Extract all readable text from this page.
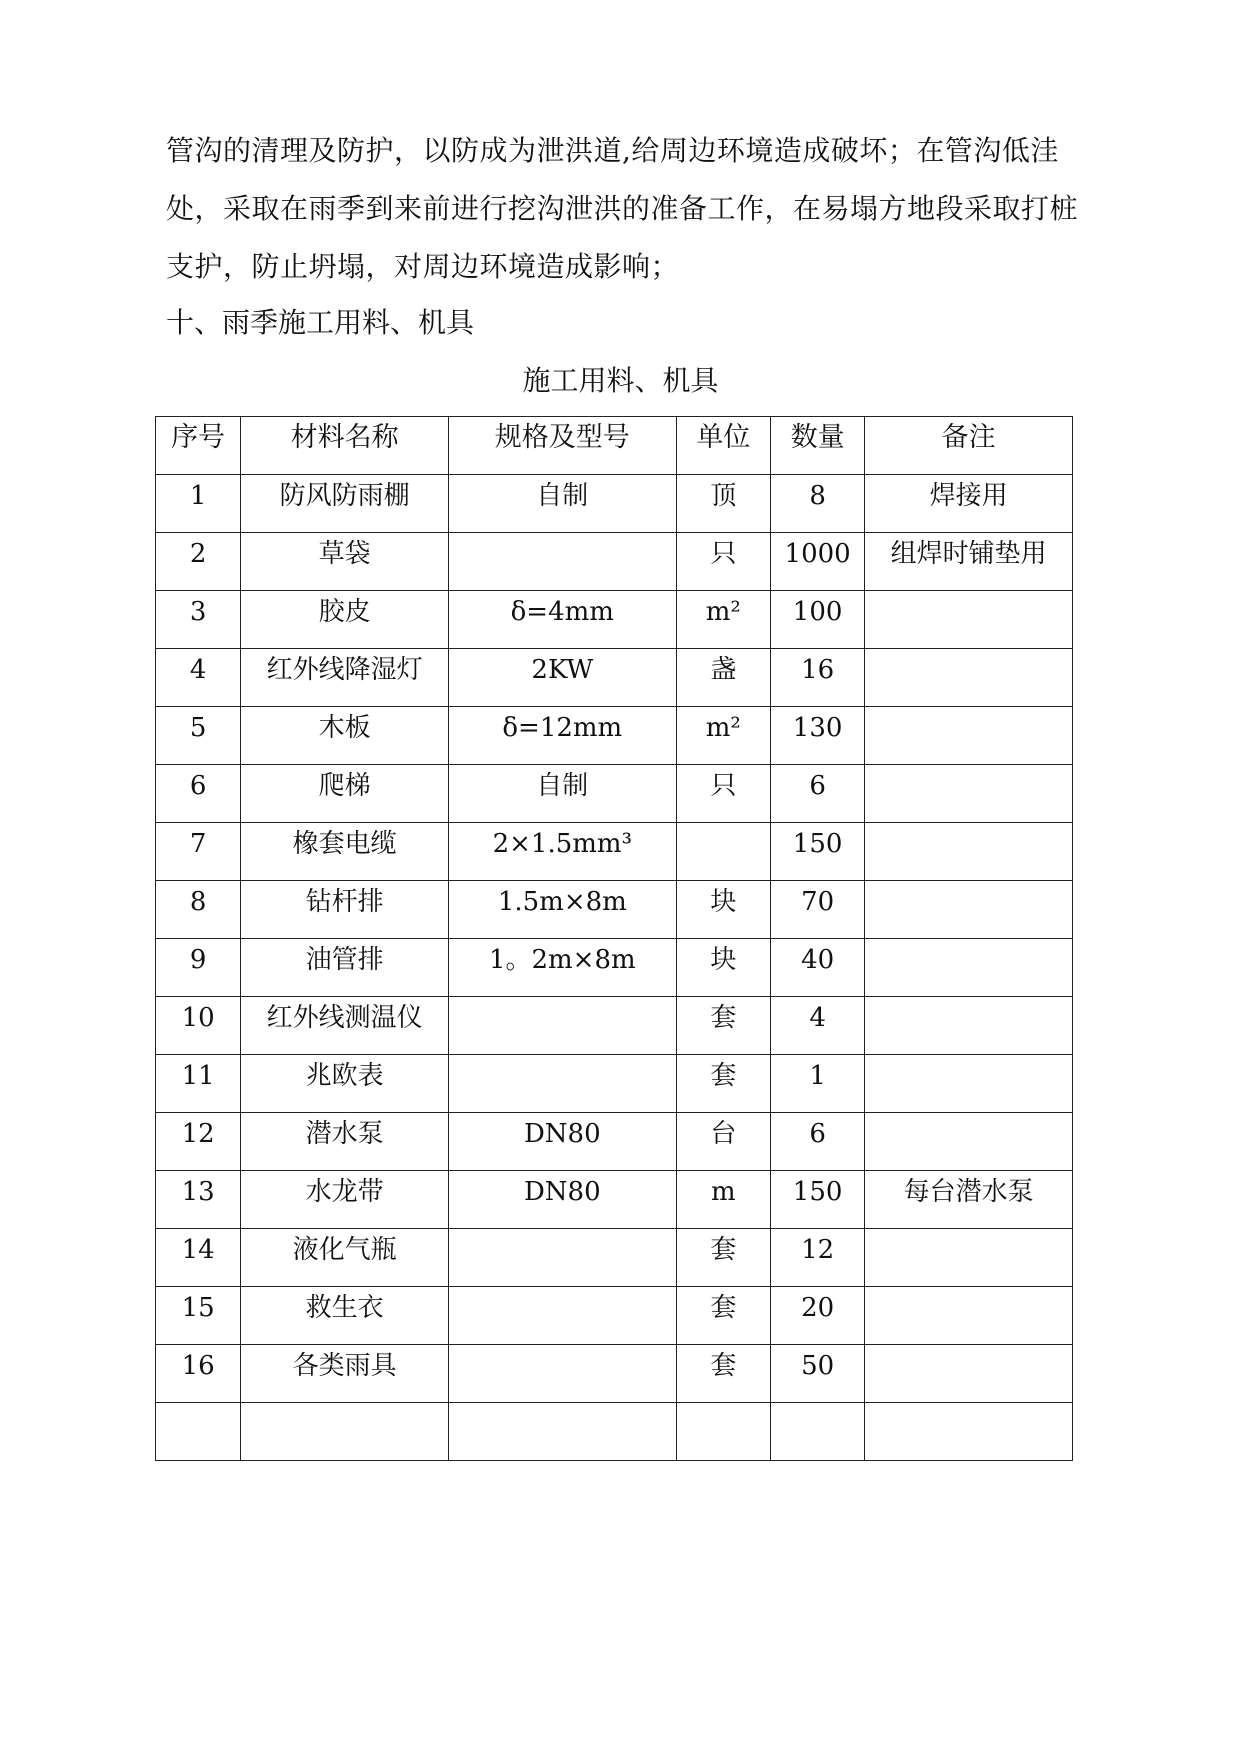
管沟的清理及防护，以防成为泄洪道,给周边环境造成破坏；在管沟低洼
处，采取在雨季到来前进行挖沟泄洪的准备工作，在易塌方地段采取打桩
支护，防止坍塌，对周边环境造成影响；

十、雨季施工用料、机具

施工用料、机具

序号	材料名称	规格及型号	单位	数量	备注
1	防风防雨棚	自制	顶	8	焊接用
2	草袋		只	1000	组焊时铺垫用
3	胶皮	δ=4mm	m²	100	
4	红外线降湿灯	2KW	盏	16	
5	木板	δ=12mm	m²	130	
6	爬梯	自制	只	6	
7	橡套电缆	2×1.5mm³		150	
8	钻杆排	1.5m×8m	块	70	
9	油管排	1。2m×8m	块	40	
10	红外线测温仪		套	4	
11	兆欧表		套	1	
12	潜水泵	DN80	台	6	
13	水龙带	DN80	m	150	每台潜水泵
14	液化气瓶		套	12	
15	救生衣		套	20	
16	各类雨具		套	50	
